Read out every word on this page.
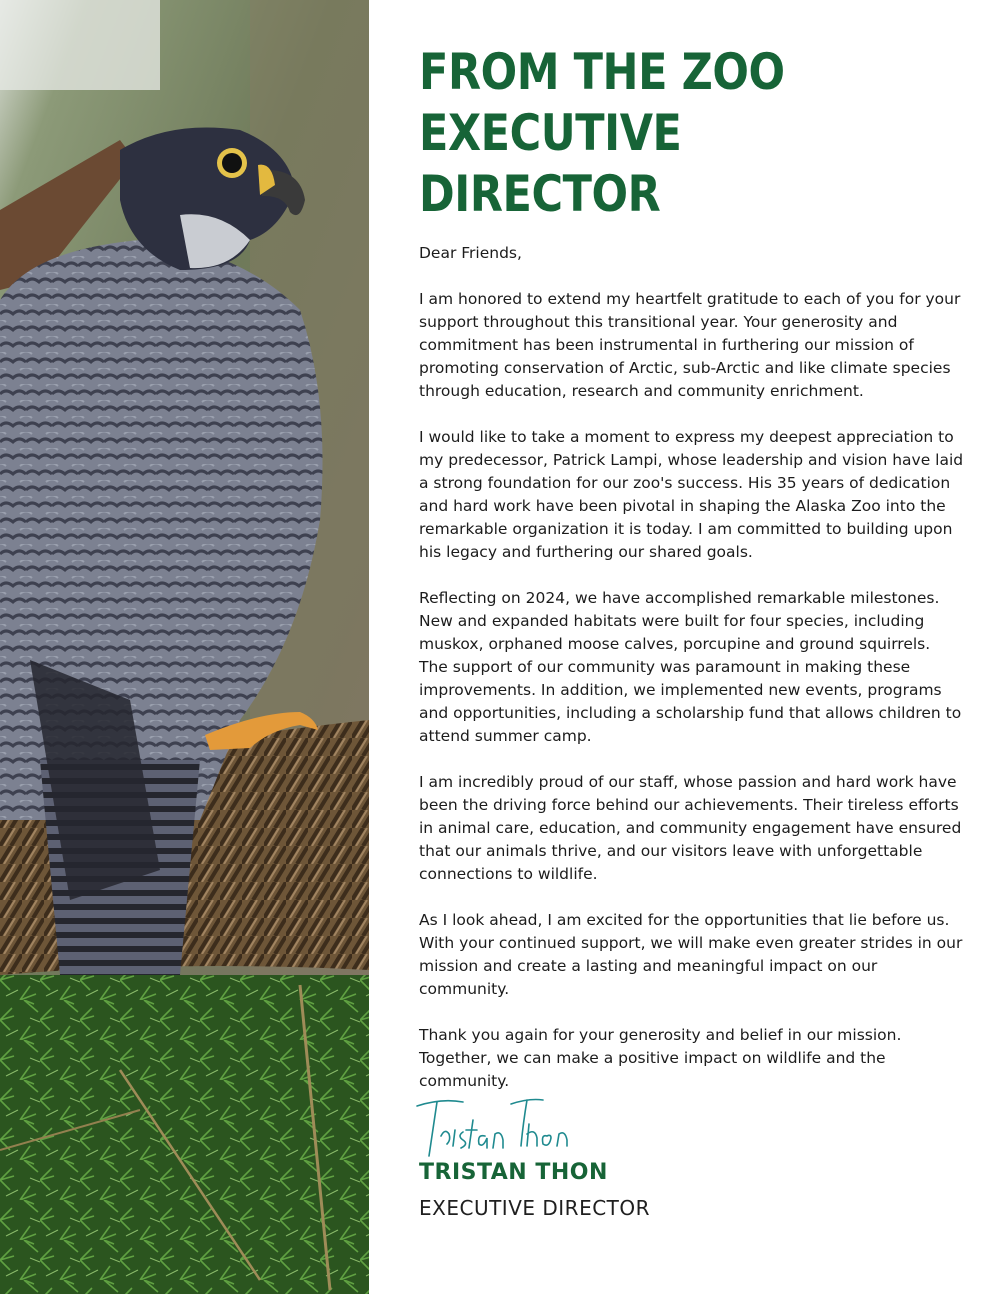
FROM THE ZOO
EXECUTIVE
DIRECTOR

Dear Friends,

I am honored to extend my heartfelt gratitude to each of you for your
support throughout this transitional year. Your generosity and
commitment has been instrumental in furthering our mission of
promoting conservation of Arctic, sub-Arctic and like climate species
through education, research and community enrichment.

I would like to take a moment to express my deepest appreciation to
my predecessor, Patrick Lampi, whose leadership and vision have laid
a strong foundation for our zoo's success. His 35 years of dedication
and hard work have been pivotal in shaping the Alaska Zoo into the
remarkable organization it is today. I am committed to building upon
his legacy and furthering our shared goals.

Reflecting on 2024, we have accomplished remarkable milestones.
New and expanded habitats were built for four species, including
muskox, orphaned moose calves, porcupine and ground squirrels.
The support of our community was paramount in making these
improvements. In addition, we implemented new events, programs
and opportunities, including a scholarship fund that allows children to
attend summer camp.

I am incredibly proud of our staff, whose passion and hard work have
been the driving force behind our achievements. Their tireless efforts
in animal care, education, and community engagement have ensured
that our animals thrive, and our visitors leave with unforgettable
connections to wildlife.

As I look ahead, I am excited for the opportunities that lie before us.
With your continued support, we will make even greater strides in our
mission and create a lasting and meaningful impact on our
community.

Thank you again for your generosity and belief in our mission.
Together, we can make a positive impact on wildlife and the
community.

TRISTAN THON

EXECUTIVE DIRECTOR
